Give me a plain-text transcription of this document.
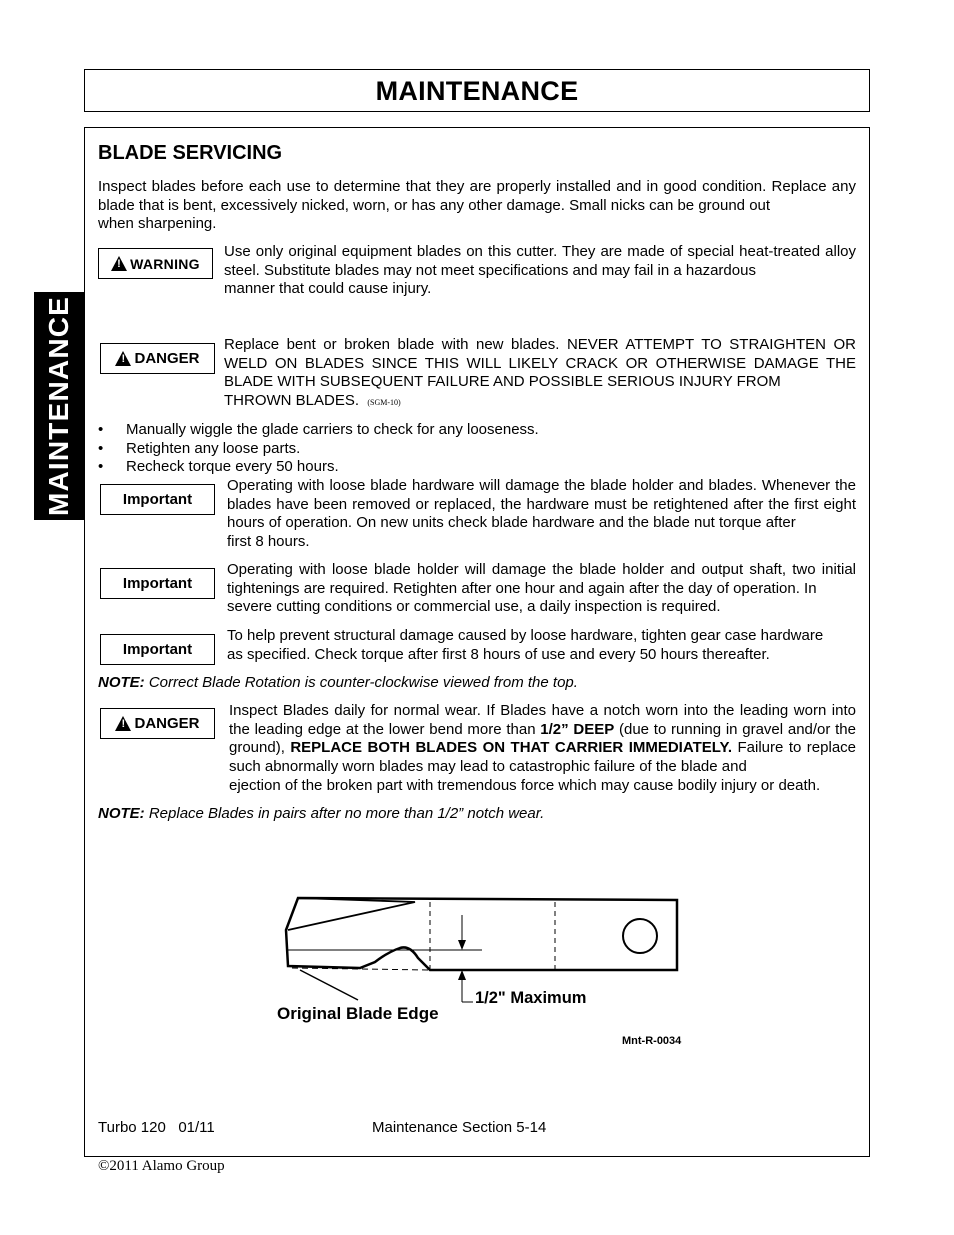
MAINTENANCE
MAINTENANCE
BLADE SERVICING
Inspect blades before each use to determine that they are properly installed and in good condition. Replace any blade that is bent, excessively nicked, worn, or has any other damage. Small nicks can be ground out
when sharpening.
!
WARNING
Use only original equipment blades on this cutter. They are made of special heat-treated alloy steel. Substitute blades may not meet specifications and may fail in a hazardous
manner that could cause injury.
!
DANGER
Replace bent or broken blade with new blades. NEVER ATTEMPT TO STRAIGHTEN OR WELD ON BLADES SINCE THIS WILL LIKELY CRACK OR OTHERWISE DAMAGE THE BLADE WITH SUBSEQUENT FAILURE AND POSSIBLE SERIOUS INJURY FROM
THROWN BLADES. (SGM-10)
•	Manually wiggle the glade carriers to check for any looseness.
•	Retighten any loose parts.
•	Recheck torque every 50 hours.
Important
Operating with loose blade hardware will damage the blade holder and blades. Whenever the blades have been removed or replaced, the hardware must be retightened after the first eight hours of operation. On new units check blade hardware and the blade nut torque after
first 8 hours.
Important
Operating with loose blade holder will damage the blade holder and output shaft, two initial tightenings are required. Retighten after one hour and again after the day of operation. In
severe cutting conditions or commercial use, a daily inspection is required.
Important
To help prevent structural damage caused by loose hardware, tighten gear case hardware
as specified. Check torque after first 8 hours of use and every 50 hours thereafter.
NOTE: Correct Blade Rotation is counter-clockwise viewed from the top.
!
DANGER
Inspect Blades daily for normal wear. If Blades have a notch worn into the leading worn into the leading edge at the lower bend more than 1/2” DEEP (due to running in gravel and/or the ground), REPLACE BOTH BLADES ON THAT CARRIER IMMEDIATELY. Failure to replace such abnormally worn blades may lead to catastrophic failure of the blade and
ejection of the broken part with tremendous force which may cause bodily injury or death.
NOTE: Replace Blades in pairs after no more than 1/2” notch wear.
1/2" Maximum
Original Blade Edge
Mnt-R-0034
Turbo 120   01/11	Maintenance Section 5-14
©2011 Alamo Group
